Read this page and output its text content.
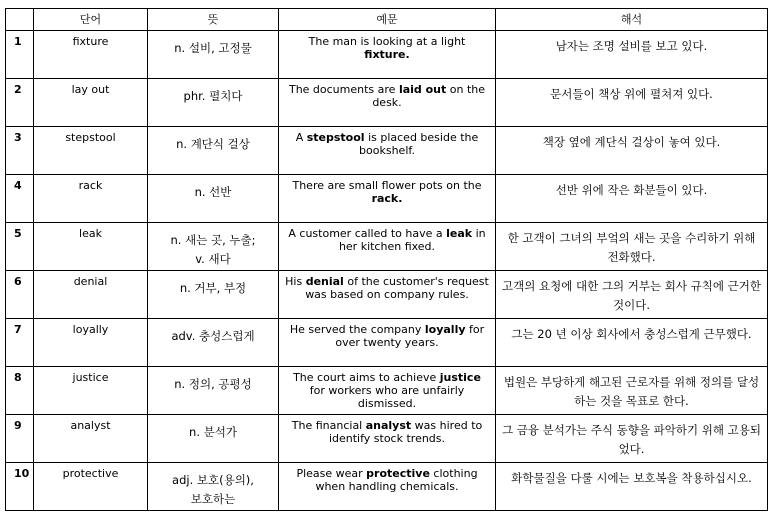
	단어	뜻	예문	해석

1	fixture	n. 설비, 고정물	The man is looking at a light fixture.	남자는 조명 설비를 보고 있다.

2	lay out	phr. 펼치다	The documents are laid out on the desk.	문서들이 책상 위에 펼쳐져 있다.

3	stepstool	n. 계단식 걸상	A stepstool is placed beside the bookshelf.	책장 옆에 계단식 걸상이 놓여 있다.

4	rack	n. 선반	There are small flower pots on the rack.	선반 위에 작은 화분들이 있다.

5	leak	n. 새는 곳, 누출;
v. 새다	A customer called to have a leak in her kitchen fixed.	한 고객이 그녀의 부엌의 새는 곳을 수리하기 위해 전화했다.

6	denial	n. 거부, 부정	His denial of the customer's request was based on company rules.	고객의 요청에 대한 그의 거부는 회사 규칙에 근거한 것이다.

7	loyally	adv. 충성스럽게	He served the company loyally for over twenty years.	그는 20 년 이상 회사에서 충성스럽게 근무했다.

8	justice	n. 정의, 공평성	The court aims to achieve justice for workers who are unfairly dismissed.	법원은 부당하게 해고된 근로자를 위해 정의를 달성하는 것을 목표로 한다.

9	analyst	n. 분석가	The financial analyst was hired to identify stock trends.	그 금융 분석가는 주식 동향을 파악하기 위해 고용되었다.

10	protective	adj. 보호(용의),
보호하는	Please wear protective clothing when handling chemicals.	화학물질을 다룰 시에는 보호복을 착용하십시오.
